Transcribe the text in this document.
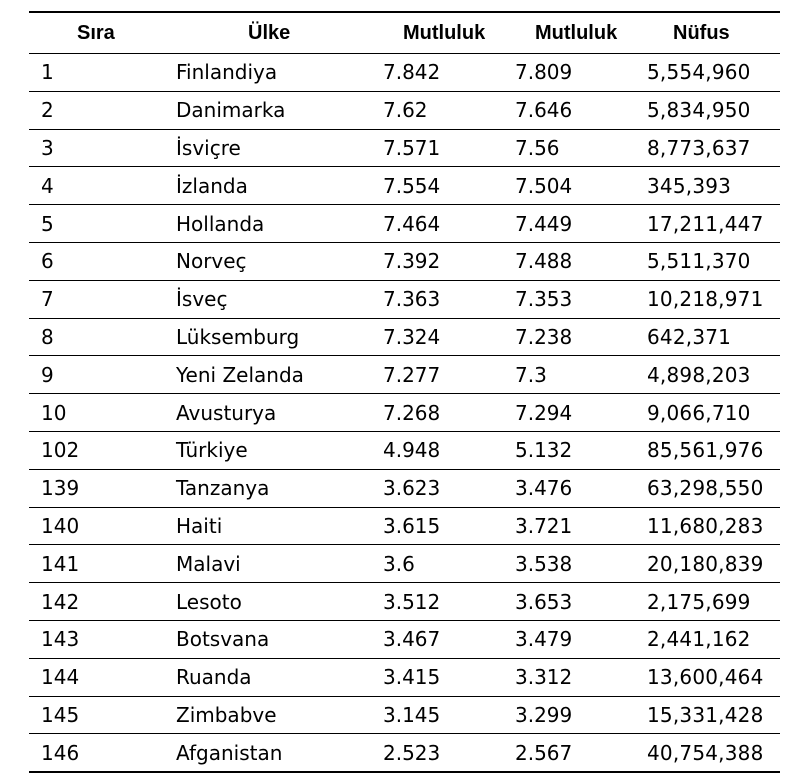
Sıra	Ülke	Mutluluk	Mutluluk	Nüfus
1	Finlandiya	7.842	7.809	5,554,960
2	Danimarka	7.62	7.646	5,834,950
3	İsviçre	7.571	7.56	8,773,637
4	İzlanda	7.554	7.504	345,393
5	Hollanda	7.464	7.449	17,211,447
6	Norveç	7.392	7.488	5,511,370
7	İsveç	7.363	7.353	10,218,971
8	Lüksemburg	7.324	7.238	642,371
9	Yeni Zelanda	7.277	7.3	4,898,203
10	Avusturya	7.268	7.294	9,066,710
102	Türkiye	4.948	5.132	85,561,976
139	Tanzanya	3.623	3.476	63,298,550
140	Haiti	3.615	3.721	11,680,283
141	Malavi	3.6	3.538	20,180,839
142	Lesoto	3.512	3.653	2,175,699
143	Botsvana	3.467	3.479	2,441,162
144	Ruanda	3.415	3.312	13,600,464
145	Zimbabve	3.145	3.299	15,331,428
146	Afganistan	2.523	2.567	40,754,388
